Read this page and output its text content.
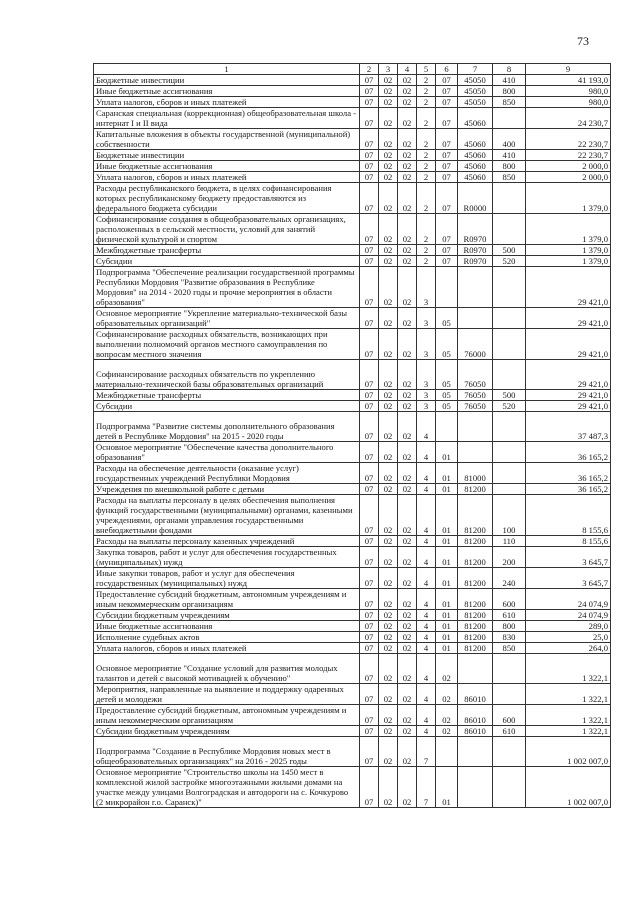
73
1	2	3	4	5	6	7	8	9
Бюджетные инвестиции	07	02	02	2	07	45050	410	41 193,0
Иные бюджетные ассигнования	07	02	02	2	07	45050	800	980,0
Уплата налогов, сборов и иных платежей	07	02	02	2	07	45050	850	980,0
Саранская специальная (коррекционная) общеобразовательная школа - интернат I и II вида	07	02	02	2	07	45060		24 230,7
Капитальные вложения в объекты государственной (муниципальной) собственности	07	02	02	2	07	45060	400	22 230,7
Бюджетные инвестиции	07	02	02	2	07	45060	410	22 230,7
Иные бюджетные ассигнования	07	02	02	2	07	45060	800	2 000,0
Уплата налогов, сборов и иных платежей	07	02	02	2	07	45060	850	2 000,0
Расходы республиканского бюджета, в целях софинансирования которых республиканскому бюджету предоставляются из федерального бюджета субсидии	07	02	02	2	07	R0000		1 379,0
Софинансирование создания в общеобразовательных организациях, расположенных в сельской местности, условий для занятий физической культурой и спортом	07	02	02	2	07	R0970		1 379,0
Межбюджетные трансферты	07	02	02	2	07	R0970	500	1 379,0
Субсидии	07	02	02	2	07	R0970	520	1 379,0
Подпрограмма "Обеспечение реализации государственной программы Республики Мордовия "Развитие образования в Республике Мордовия" на 2014 - 2020 годы и прочие мероприятия в области образования"	07	02	02	3				29 421,0
Основное мероприятие "Укрепление материально-технической базы образовательных организаций"	07	02	02	3	05			29 421,0
Софинансирование расходных обязательств, возникающих при выполнении полномочий органов местного самоуправления по вопросам местного значения	07	02	02	3	05	76000		29 421,0
Софинансирование расходных обязательств по укреплению материально-технической базы образовательных организаций	07	02	02	3	05	76050		29 421,0
Межбюджетные трансферты	07	02	02	3	05	76050	500	29 421,0
Субсидии	07	02	02	3	05	76050	520	29 421,0
Подпрограмма "Развитие системы дополнительного образования детей в Республике Мордовия" на 2015 - 2020 годы	07	02	02	4				37 487,3
Основное мероприятие "Обеспечение качества дополнительного образования"	07	02	02	4	01			36 165,2
Расходы на обеспечение деятельности (оказание услуг) государственных учреждений Республики Мордовия	07	02	02	4	01	81000		36 165,2
Учреждения по внешкольной работе с детьми	07	02	02	4	01	81200		36 165,2
Расходы на выплаты персоналу в целях обеспечения выполнения функций государственными (муниципальными) органами, казенными учреждениями, органами управления государственными внебюджетными фондами	07	02	02	4	01	81200	100	8 155,6
Расходы на выплаты персоналу казенных учреждений	07	02	02	4	01	81200	110	8 155,6
Закупка товаров, работ и услуг для обеспечения государственных (муниципальных) нужд	07	02	02	4	01	81200	200	3 645,7
Иные закупки товаров, работ и услуг для обеспечения государственных (муниципальных) нужд	07	02	02	4	01	81200	240	3 645,7
Предоставление субсидий бюджетным, автономным учреждениям и иным некоммерческим организациям	07	02	02	4	01	81200	600	24 074,9
Субсидии бюджетным учреждениям	07	02	02	4	01	81200	610	24 074,9
Иные бюджетные ассигнования	07	02	02	4	01	81200	800	289,0
Исполнение судебных актов	07	02	02	4	01	81200	830	25,0
Уплата налогов, сборов и иных платежей	07	02	02	4	01	81200	850	264,0
Основное мероприятие "Создание условий для развития молодых талантов и детей с высокой мотивацией к обучению"	07	02	02	4	02			1 322,1
Мероприятия, направленные на выявление и поддержку одаренных детей и молодежи	07	02	02	4	02	86010		1 322,1
Предоставление субсидий бюджетным, автономным учреждениям и иным некоммерческим организациям	07	02	02	4	02	86010	600	1 322,1
Субсидии бюджетным учреждениям	07	02	02	4	02	86010	610	1 322,1
Подпрограмма "Создание в Республике Мордовия новых мест в общеобразовательных организациях" на 2016 - 2025 годы	07	02	02	7				1 002 007,0
Основное мероприятие "Строительство школы на 1450 мест в комплексной жилой застройке многоэтажными жилыми домами на участке между улицами Волгоградская и автодороги на с. Кочкурово (2 микрорайон г.о. Саранск)"	07	02	02	7	01			1 002 007,0
